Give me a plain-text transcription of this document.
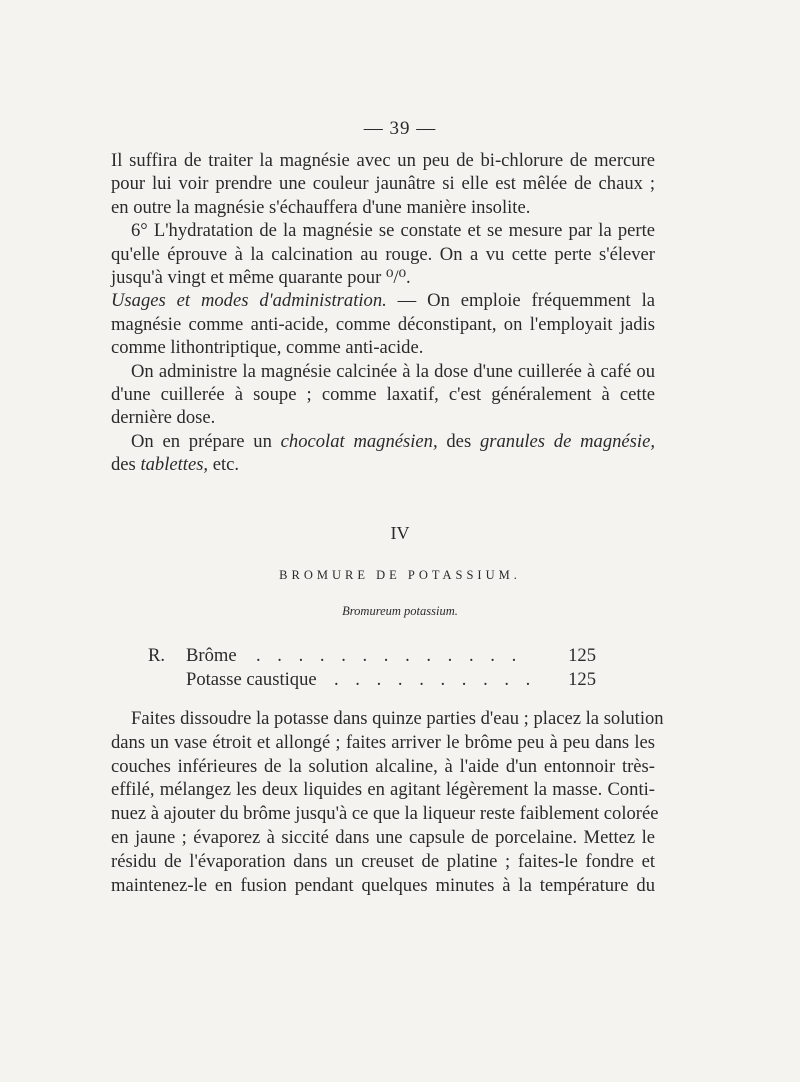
— 39 —
Il suffira de traiter la magnésie avec un peu de bi-chlorure de mercure
pour lui voir prendre une couleur jaunâtre si elle est mêlée de chaux ;
en outre la magnésie s'échauffera d'une manière insolite.
6° L'hydratation de la magnésie se constate et se mesure par la perte
qu'elle éprouve à la calcination au rouge. On a vu cette perte s'élever
jusqu'à vingt et même quarante pour ⁰/⁰.
Usages et modes d'administration. — On emploie fréquemment la
magnésie comme anti-acide, comme déconstipant, on l'employait jadis
comme lithontriptique, comme anti-acide.
On administre la magnésie calcinée à la dose d'une cuillerée à café ou
d'une cuillerée à soupe ; comme laxatif, c'est généralement à cette
dernière dose.
On en prépare un chocolat magnésien, des granules de magnésie,
des tablettes, etc.
IV
BROMURE DE POTASSIUM.
Bromureum potassium.
R. Brôme . . . . . . . . . . . . . 125
Potasse caustique . . . . . . . . . . 125
Faites dissoudre la potasse dans quinze parties d'eau ; placez la solution
dans un vase étroit et allongé ; faites arriver le brôme peu à peu dans les
couches inférieures de la solution alcaline, à l'aide d'un entonnoir très-
effilé, mélangez les deux liquides en agitant légèrement la masse. Conti-
nuez à ajouter du brôme jusqu'à ce que la liqueur reste faiblement colorée
en jaune ; évaporez à siccité dans une capsule de porcelaine. Mettez le
résidu de l'évaporation dans un creuset de platine ; faites-le fondre et
maintenez-le en fusion pendant quelques minutes à la température du
